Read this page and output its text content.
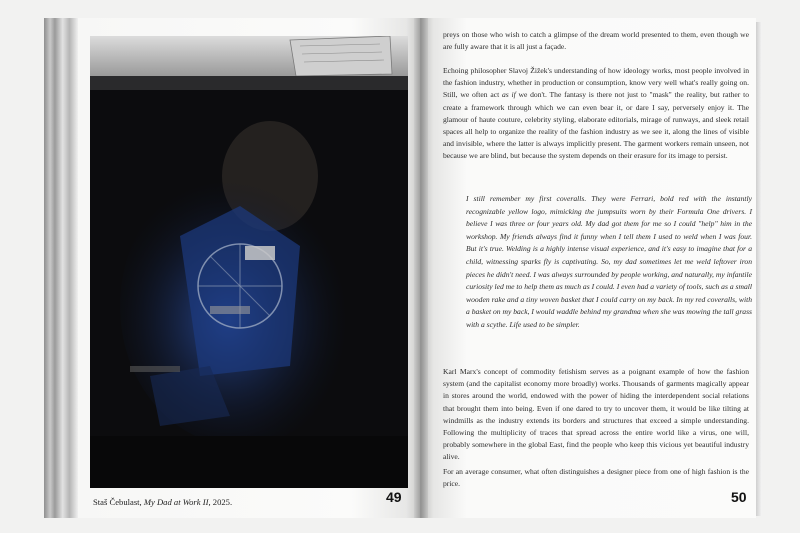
Staš Čebulast, My Dad at Work II, 2025.	49

preys on those who wish to catch a glimpse of the dream world presented to them, even though we are fully aware that it is all just a façade.

Echoing philosopher Slavoj Žižek's understanding of how ideology works, most people involved in the fashion industry, whether in production or consumption, know very well what's really going on. Still, we often act as if we don't. The fantasy is there not just to "mask" the reality, but rather to create a framework through which we can even bear it, or dare I say, perversely enjoy it. The glamour of haute couture, celebrity styling, elaborate editorials, mirage of runways, and sleek retail spaces all help to organize the reality of the fashion industry as we see it, along the lines of visible and invisible, where the latter is always implicitly present. The garment workers remain unseen, not because we are blind, but because the system depends on their erasure for its image to persist.

I still remember my first coveralls. They were Ferrari, bold red with the instantly recognizable yellow logo, mimicking the jumpsuits worn by their Formula One drivers. I believe I was three or four years old. My dad got them for me so I could "help" him in the workshop. My friends always find it funny when I tell them I used to weld when I was four. But it's true. Welding is a highly intense visual experience, and it's easy to imagine that for a child, witnessing sparks fly is captivating. So, my dad sometimes let me weld leftover iron pieces he didn't need. I was always surrounded by people working, and naturally, my infantile curiosity led me to help them as much as I could. I even had a variety of tools, such as a small wooden rake and a tiny woven basket that I could carry on my back. In my red coveralls, with a basket on my back, I would waddle behind my grandma when she was mowing the tall grass with a scythe. Life used to be simpler.

Karl Marx's concept of commodity fetishism serves as a poignant example of how the fashion system (and the capitalist economy more broadly) works. Thousands of garments magically appear in stores around the world, endowed with the power of hiding the interdependent social relations that brought them into being. Even if one dared to try to uncover them, it would be like tilting at windmills as the industry extends its borders and structures that exceed a simple understanding. Following the multiplicity of traces that spread across the entire world like a virus, one will, probably somewhere in the global East, find the people who keep this vicious yet beautiful industry alive.

For an average consumer, what often distinguishes a designer piece from one of high fashion is the price.

50
